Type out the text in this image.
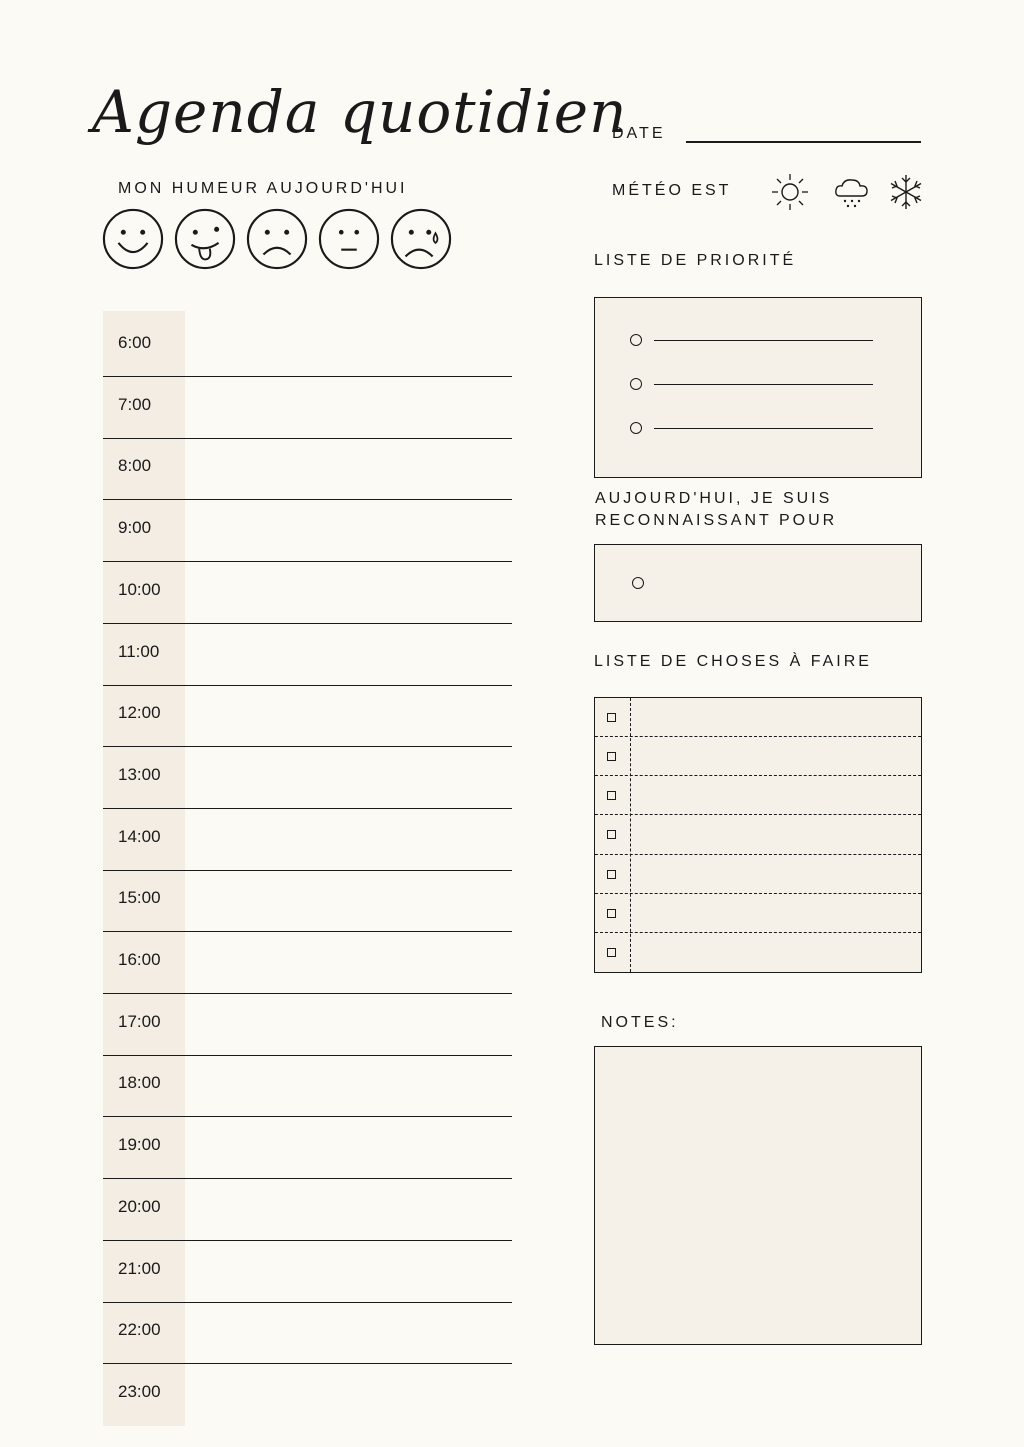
Agenda quotidien
DATE
MON HUMEUR AUJOURD'HUI	MÉTÉO EST
6:00
7:00
8:00
9:00
10:00
11:00
12:00
13:00
14:00
15:00
16:00
17:00
18:00
19:00
20:00
21:00
22:00
23:00
LISTE DE PRIORITÉ
AUJOURD'HUI, JE SUIS
RECONNAISSANT POUR
LISTE DE CHOSES À FAIRE
NOTES:
